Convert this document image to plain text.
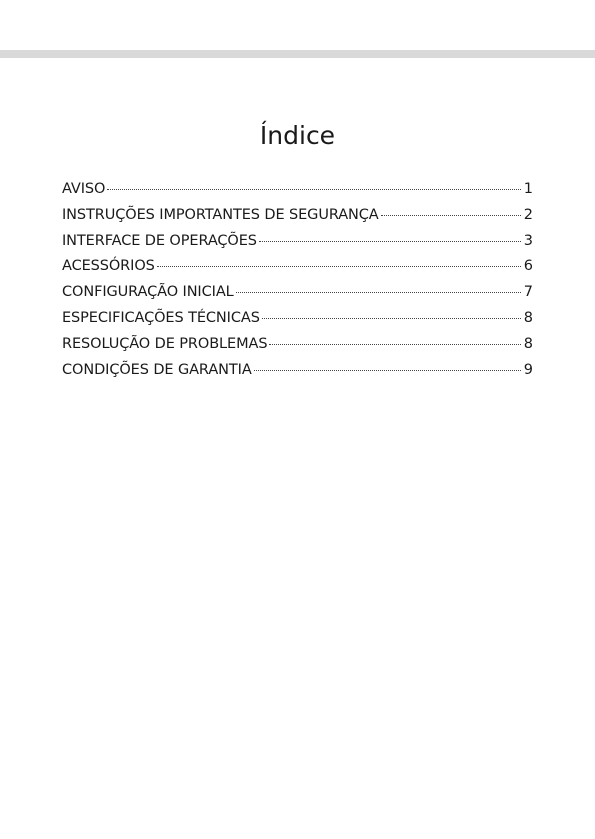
Índice
AVISO	1
INSTRUÇÕES IMPORTANTES DE SEGURANÇA	2
INTERFACE DE OPERAÇÕES	3
ACESSÓRIOS	6
CONFIGURAÇÃO INICIAL	7
ESPECIFICAÇÕES TÉCNICAS	8
RESOLUÇÃO DE PROBLEMAS	8
CONDIÇÕES DE GARANTIA	9
